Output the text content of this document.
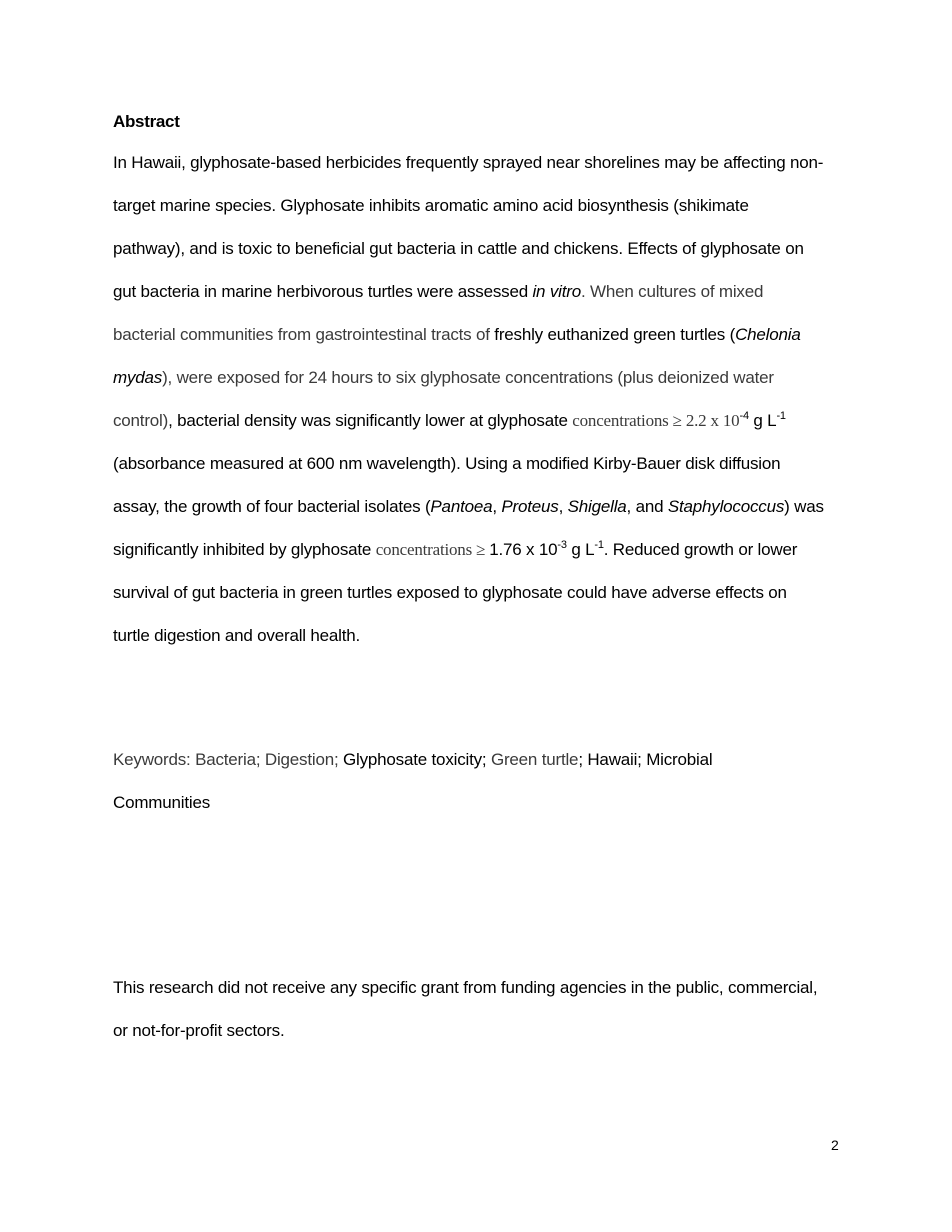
Abstract
In Hawaii, glyphosate-based herbicides frequently sprayed near shorelines may be affecting non-
target marine species. Glyphosate inhibits aromatic amino acid biosynthesis (shikimate
pathway), and is toxic to beneficial gut bacteria in cattle and chickens. Effects of glyphosate on
gut bacteria in marine herbivorous turtles were assessed in vitro. When cultures of mixed
bacterial communities from gastrointestinal tracts of freshly euthanized green turtles (Chelonia
mydas), were exposed for 24 hours to six glyphosate concentrations (plus deionized water
control), bacterial density was significantly lower at glyphosate concentrations ≥ 2.2 x $10^{-4}$ g $L^{-1}$
(absorbance measured at 600 nm wavelength). Using a modified Kirby-Bauer disk diffusion
assay, the growth of four bacterial isolates (Pantoea, Proteus, Shigella, and Staphylococcus) was
significantly inhibited by glyphosate concentrations ≥ 1.76 x $10^{-3}$ g $L^{-1}$. Reduced growth or lower
survival of gut bacteria in green turtles exposed to glyphosate could have adverse effects on
turtle digestion and overall health.
Keywords: Bacteria; Digestion; Glyphosate toxicity; Green turtle; Hawaii; Microbial
Communities
This research did not receive any specific grant from funding agencies in the public, commercial,
or not-for-profit sectors.
2
